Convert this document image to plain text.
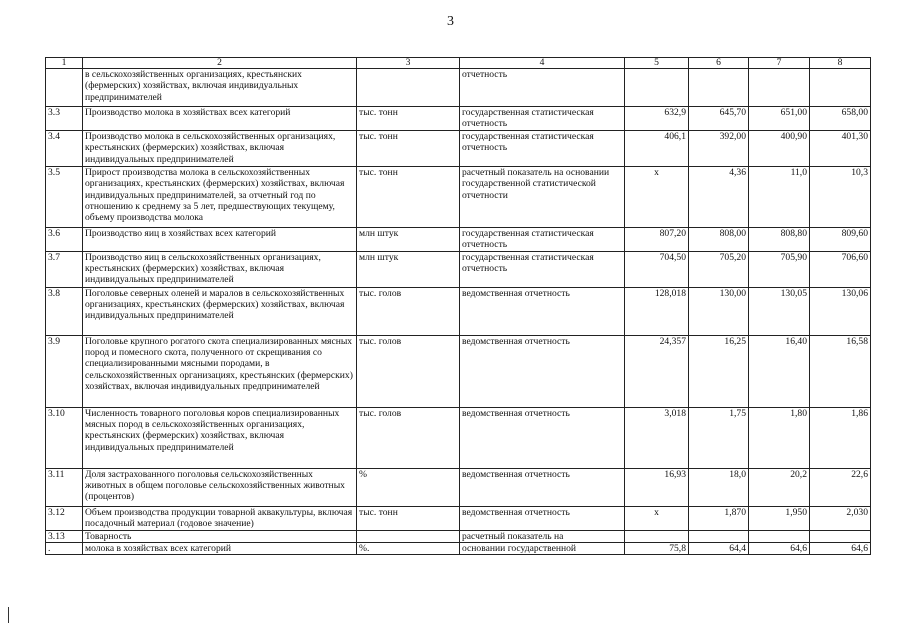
3
1	2	3	4	5	6	7	8
	в сельскохозяйственных организациях, крестьянских (фермерских) хозяйствах, включая индивидуальных предпринимателей		отчетность				
3.3	Производство молока в хозяйствах всех категорий	тыс. тонн	государственная статистическая отчетность	632,9	645,70	651,00	658,00
3.4	Производство молока в сельскохозяйственных организациях, крестьянских (фермерских) хозяйствах, включая индивидуальных предпринимателей	тыс. тонн	государственная статистическая отчетность	406,1	392,00	400,90	401,30
3.5	Прирост производства молока в сельскохозяйственных организациях, крестьянских (фермерских) хозяйствах, включая индивидуальных предпринимателей, за отчетный год по отношению к среднему за 5 лет, предшествующих текущему, объему производства молока	тыс. тонн	расчетный показатель на основании государственной статистической отчетности	х	4,36	11,0	10,3
3.6	Производство яиц в хозяйствах всех категорий	млн штук	государственная статистическая отчетность	807,20	808,00	808,80	809,60
3.7	Производство яиц в сельскохозяйственных организациях, крестьянских (фермерских) хозяйствах, включая индивидуальных предпринимателей	млн штук	государственная статистическая отчетность	704,50	705,20	705,90	706,60
3.8	Поголовье северных оленей и маралов в сельскохозяйственных организациях, крестьянских (фермерских) хозяйствах, включая индивидуальных предпринимателей	тыс. голов	ведомственная отчетность	128,018	130,00	130,05	130,06
3.9	Поголовье крупного рогатого скота специализированных мясных пород и помесного скота, полученного от скрещивания со специализированными мясными породами, в сельскохозяйственных организациях, крестьянских (фермерских) хозяйствах, включая индивидуальных предпринимателей	тыс. голов	ведомственная отчетность	24,357	16,25	16,40	16,58
3.10	Численность товарного поголовья коров специализированных мясных пород в сельскохозяйственных организациях, крестьянских (фермерских) хозяйствах, включая индивидуальных предпринимателей	тыс. голов	ведомственная отчетность	3,018	1,75	1,80	1,86
3.11	Доля застрахованного поголовья сельскохозяйственных животных в общем поголовье сельскохозяйственных животных (процентов)	%	ведомственная отчетность	16,93	18,0	20,2	22,6
3.12	Объем производства продукции товарной аквакультуры, включая посадочный материал (годовое значение)	тыс. тонн	ведомственная отчетность	х	1,870	1,950	2,030
3.13	Товарность		расчетный показатель на				
.	молока в хозяйствах всех категорий	%.	основании государственной	75,8	64,4	64,6	64,6
